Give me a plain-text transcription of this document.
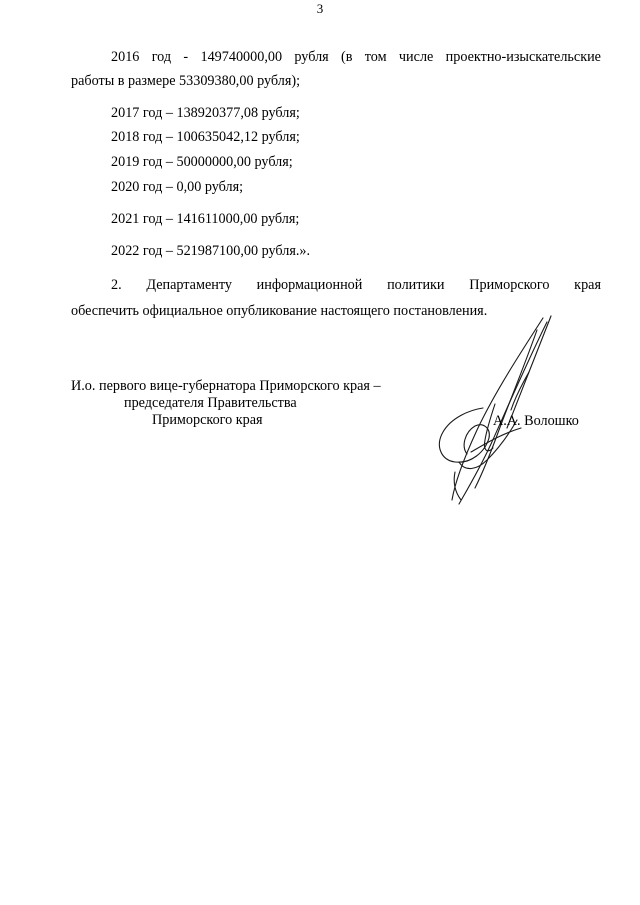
3
2016 год - 149740000,00 рубля (в том числе проектно-изыскательские
работы в размере 53309380,00 рубля);
2017 год – 138920377,08 рубля;
2018 год – 100635042,12 рубля;
2019 год – 50000000,00 рубля;
2020 год – 0,00 рубля;
2021 год – 141611000,00 рубля;
2022 год – 521987100,00 рубля.».
2. Департаменту информационной политики Приморского края
обеспечить официальное опубликование настоящего постановления.
И.о. первого вице-губернатора Приморского края –
председателя Правительства
Приморского края	А.А. Волошко
